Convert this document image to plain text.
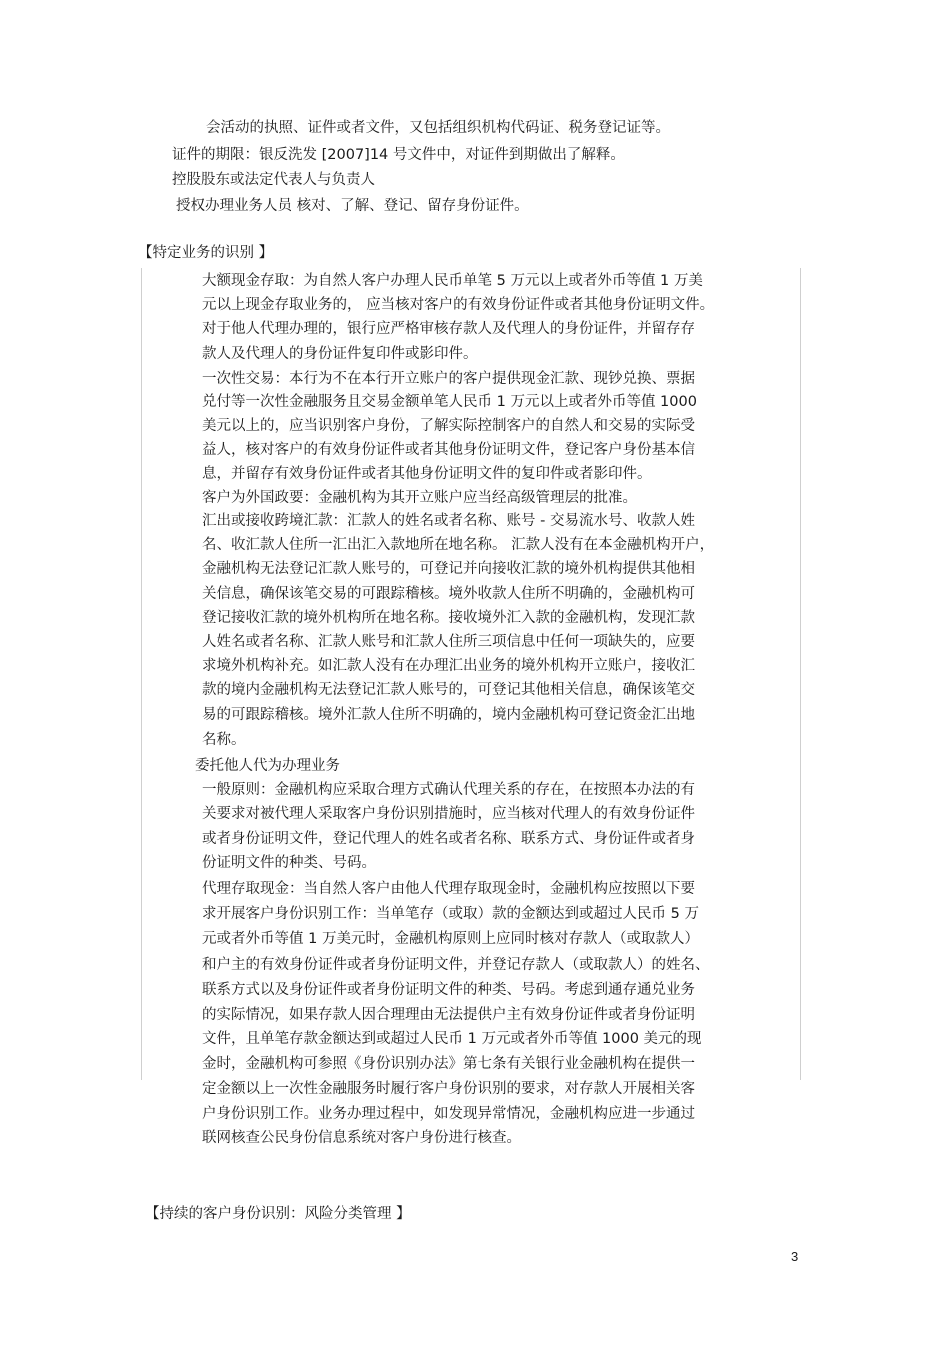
会活动的执照、证件或者文件，又包括组织机构代码证、税务登记证等。
证件的期限：银反洗发 [2007]14 号文件中，对证件到期做出了解释。
控股股东或法定代表人与负责人
授权办理业务人员 核对、了解、登记、留存身份证件。
【特定业务的识别 】
大额现金存取：为自然人客户办理人民币单笔 5 万元以上或者外币等值 1 万美
元以上现金存取业务的， 应当核对客户的有效身份证件或者其他身份证明文件。
对于他人代理办理的，银行应严格审核存款人及代理人的身份证件，并留存存
款人及代理人的身份证件复印件或影印件。
一次性交易：本行为不在本行开立账户的客户提供现金汇款、现钞兑换、票据
兑付等一次性金融服务且交易金额单笔人民币 1 万元以上或者外币等值 1000
美元以上的，应当识别客户身份，了解实际控制客户的自然人和交易的实际受
益人，核对客户的有效身份证件或者其他身份证明文件，登记客户身份基本信
息，并留存有效身份证件或者其他身份证明文件的复印件或者影印件。
客户为外国政要：金融机构为其开立账户应当经高级管理层的批准。
汇出或接收跨境汇款：汇款人的姓名或者名称、账号 - 交易流水号、收款人姓
名、收汇款人住所一汇出汇入款地所在地名称。 汇款人没有在本金融机构开户，
金融机构无法登记汇款人账号的，可登记并向接收汇款的境外机构提供其他相
关信息，确保该笔交易的可跟踪稽核。境外收款人住所不明确的，金融机构可
登记接收汇款的境外机构所在地名称。接收境外汇入款的金融机构，发现汇款
人姓名或者名称、汇款人账号和汇款人住所三项信息中任何一项缺失的，应要
求境外机构补充。如汇款人没有在办理汇出业务的境外机构开立账户，接收汇
款的境内金融机构无法登记汇款人账号的，可登记其他相关信息，确保该笔交
易的可跟踪稽核。境外汇款人住所不明确的，境内金融机构可登记资金汇出地
名称。
委托他人代为办理业务
一般原则：金融机构应采取合理方式确认代理关系的存在，在按照本办法的有
关要求对被代理人采取客户身份识别措施时，应当核对代理人的有效身份证件
或者身份证明文件，登记代理人的姓名或者名称、联系方式、身份证件或者身
份证明文件的种类、号码。
代理存取现金：当自然人客户由他人代理存取现金时，金融机构应按照以下要
求开展客户身份识别工作：当单笔存（或取）款的金额达到或超过人民币 5 万
元或者外币等值 1 万美元时，金融机构原则上应同时核对存款人（或取款人）
和户主的有效身份证件或者身份证明文件，并登记存款人（或取款人）的姓名、
联系方式以及身份证件或者身份证明文件的种类、号码。考虑到通存通兑业务
的实际情况，如果存款人因合理理由无法提供户主有效身份证件或者身份证明
文件，且单笔存款金额达到或超过人民币 1 万元或者外币等值 1000 美元的现
金时，金融机构可参照《身份识别办法》第七条有关银行业金融机构在提供一
定金额以上一次性金融服务时履行客户身份识别的要求，对存款人开展相关客
户身份识别工作。业务办理过程中，如发现异常情况，金融机构应进一步通过
联网核查公民身份信息系统对客户身份进行核查。
【持续的客户身份识别：风险分类管理 】
3
